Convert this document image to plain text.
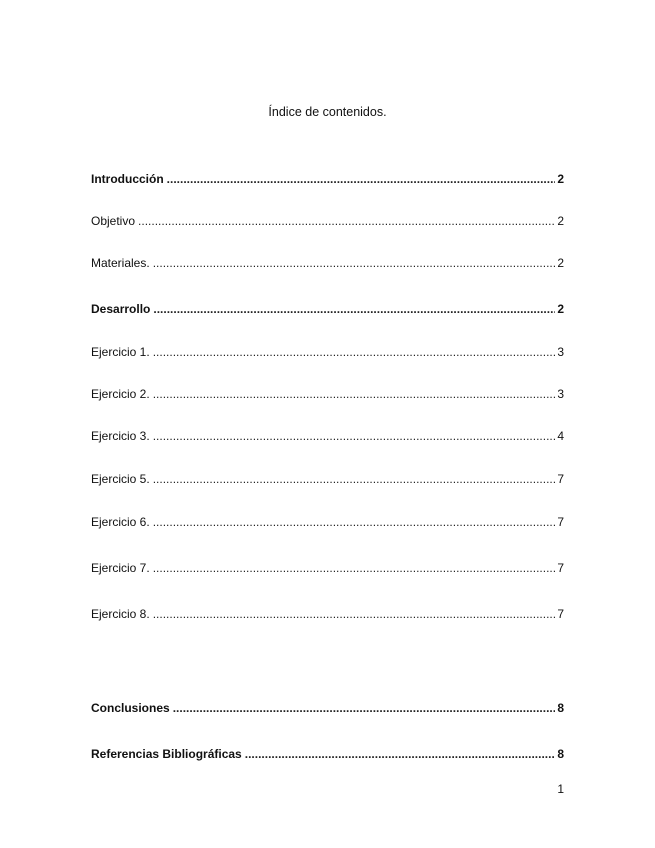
Índice de contenidos.
Introducción .....	2
Objetivo .....	2
Materiales. .....	2
Desarrollo .....	2
Ejercicio 1. .....	3
Ejercicio 2. .....	3
Ejercicio 3. .....	4
Ejercicio 5. .....	7
Ejercicio 6. .....	7
Ejercicio 7. .....	7
Ejercicio 8. .....	7
Conclusiones .....	8
Referencias Bibliográficas .....	8
1
